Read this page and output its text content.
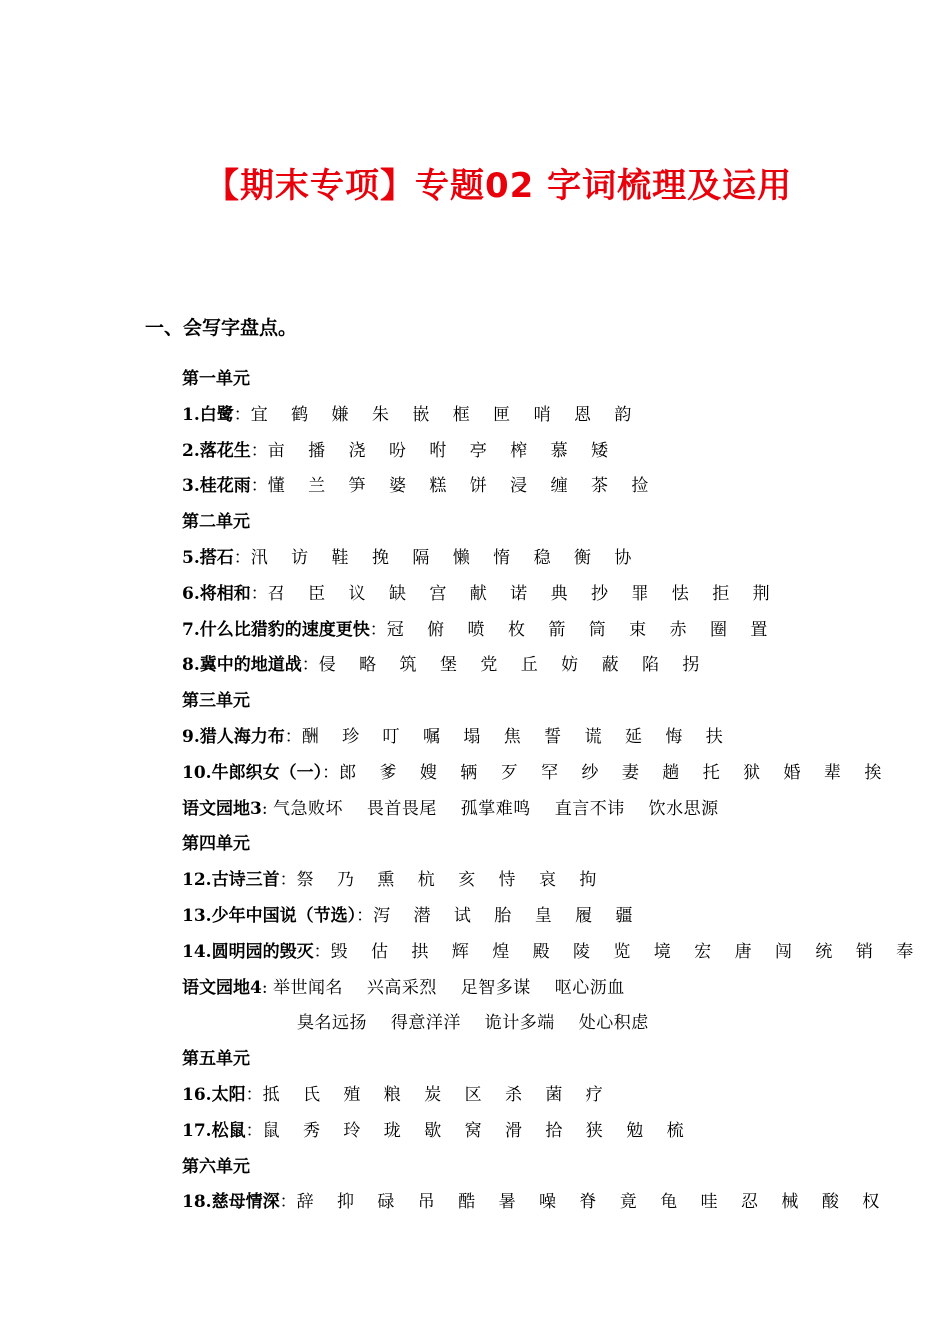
【期末专项】专题02 字词梳理及运用
一、会写字盘点。
第一单元
1.白鹭：宜 鹤 嫌 朱 嵌 框 匣 哨 恩 韵
2.落花生：亩 播 浇 吩 咐 亭 榨 慕 矮
3.桂花雨：懂 兰 笋 婆 糕 饼 浸 缠 茶 捡
第二单元
5.搭石：汛 访 鞋 挽 隔 懒 惰 稳 衡 协
6.将相和：召 臣 议 缺 宫 献 诺 典 抄 罪 怯 拒 荆
7.什么比猎豹的速度更快：冠 俯 喷 枚 箭 筒 束 赤 圈 置
8.冀中的地道战：侵 略 筑 堡 党 丘 妨 蔽 陷 拐
第三单元
9.猎人海力布：酬 珍 叮 嘱 塌 焦 誓 谎 延 悔 扶
10.牛郎织女（一）：郎 爹 嫂 辆 歹 罕 纱 妻 趟 托 狱 婚 辈 挨
语文园地3: 气急败坏 畏首畏尾 孤掌难鸣 直言不讳 饮水思源
第四单元
12.古诗三首：祭 乃 熏 杭 亥 恃 哀 拘
13.少年中国说（节选）：泻 潜 试 胎 皇 履 疆
14.圆明园的毁灭：毁 估 拱 辉 煌 殿 陵 览 境 宏 唐 闯 统 销 奉
语文园地4: 举世闻名 兴高采烈 足智多谋 呕心沥血
臭名远扬 得意洋洋 诡计多端 处心积虑
第五单元
16.太阳：抵 氏 殖 粮 炭 区 杀 菌 疗
17.松鼠：鼠 秀 玲 珑 歇 窝 滑 拾 狭 勉 梳
第六单元
18.慈母情深：辞 抑 碌 吊 酷 暑 噪 脊 竟 龟 哇 忍 械 酸 权
